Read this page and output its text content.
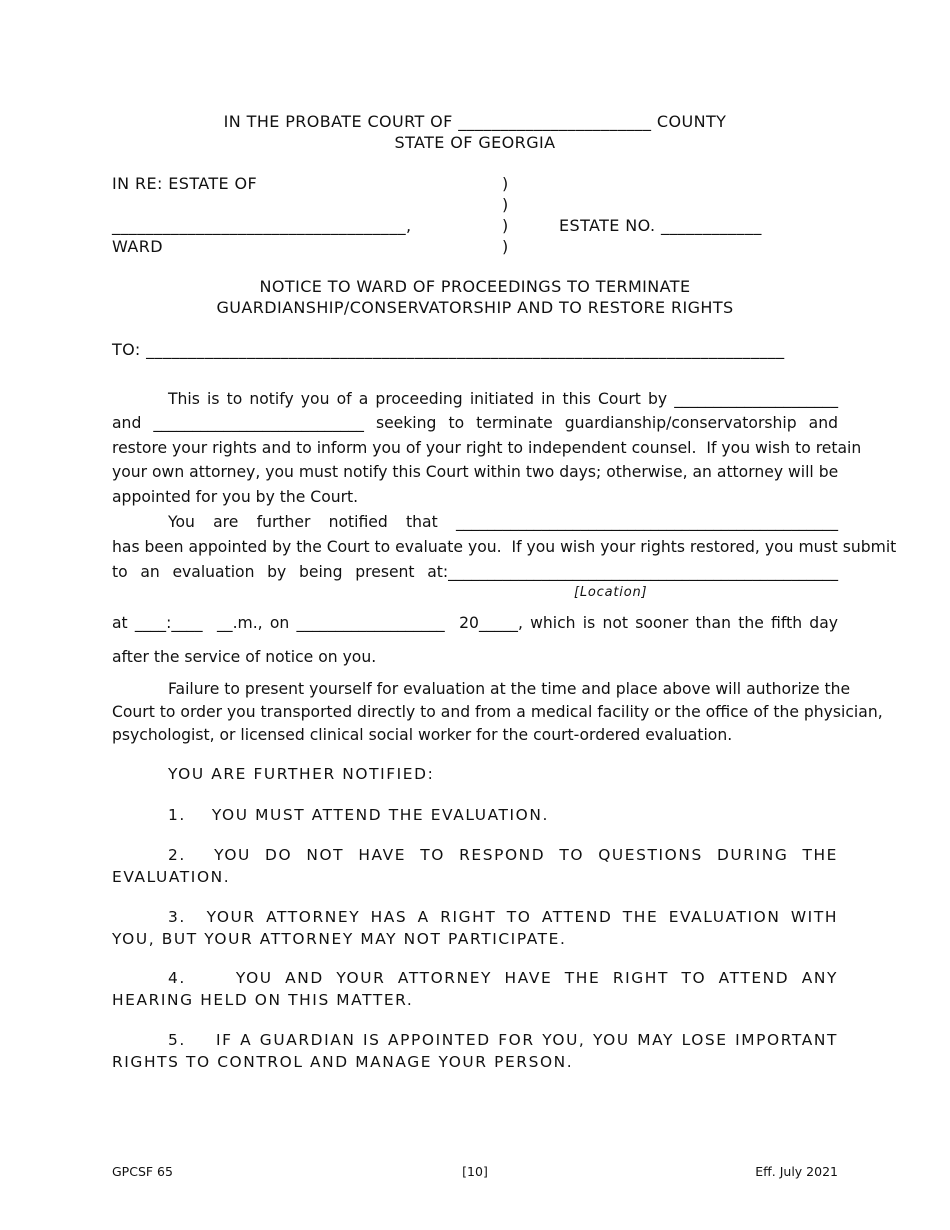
IN THE PROBATE COURT OF _______________________ COUNTY
STATE OF GEORGIA
IN RE: ESTATE OF
___________________________________,
WARD
)
)
)
)
ESTATE NO. ____________
NOTICE TO WARD OF PROCEEDINGS TO TERMINATE
GUARDIANSHIP/CONSERVATORSHIP AND TO RESTORE RIGHTS
TO: ____________________________________________________________________________
This is to notify you of a proceeding initiated in this Court by _____________________
and ___________________________ seeking to terminate guardianship/conservatorship and
restore your rights and to inform you of your right to independent counsel.  If you wish to retain
your own attorney, you must notify this Court within two days; otherwise, an attorney will be
appointed for you by the Court.
You are further notified that _________________________________________________
has been appointed by the Court to evaluate you.  If you wish your rights restored, you must submit
to an evaluation by being present at:__________________________________________________
[Location]
at ____:____  __.m., on ___________________  20_____, which is not sooner than the fifth day
after the service of notice on you.
Failure to present yourself for evaluation at the time and place above will authorize the
Court to order you transported directly to and from a medical facility or the office of the physician,
psychologist, or licensed clinical social worker for the court-ordered evaluation.
YOU ARE FURTHER NOTIFIED:
1.    YOU MUST ATTEND THE EVALUATION.
2.  YOU DO NOT HAVE TO RESPOND TO QUESTIONS DURING THE
EVALUATION.
3.  YOUR ATTORNEY HAS A RIGHT TO ATTEND THE EVALUATION WITH
YOU, BUT YOUR ATTORNEY MAY NOT PARTICIPATE.
4.    YOU AND YOUR ATTORNEY HAVE THE RIGHT TO ATTEND ANY
HEARING HELD ON THIS MATTER.
5.    IF A GUARDIAN IS APPOINTED FOR YOU, YOU MAY LOSE IMPORTANT
RIGHTS TO CONTROL AND MANAGE YOUR PERSON.
GPCSF 65	[10]	Eff. July 2021
